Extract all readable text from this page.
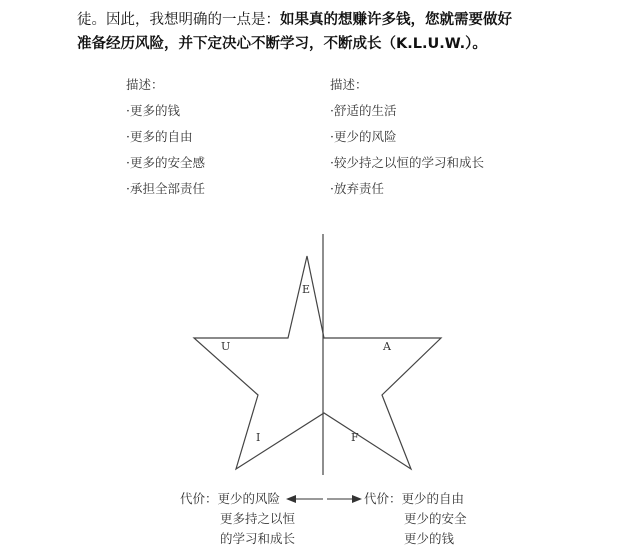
徒。因此，我想明确的一点是：如果真的想赚许多钱，您就需要做好
准备经历风险，并下定决心不断学习，不断成长（K.L.U.W.）。
描述：
·更多的钱
·更多的自由
·更多的安全感
·承担全部责任
描述：
·舒适的生活
·更少的风险
·较少持之以恒的学习和成长
·放弃责任
E
U	A
I	F
代价：更少的风险
更多持之以恒
的学习和成长
代价：更少的自由
更少的安全
更少的钱
